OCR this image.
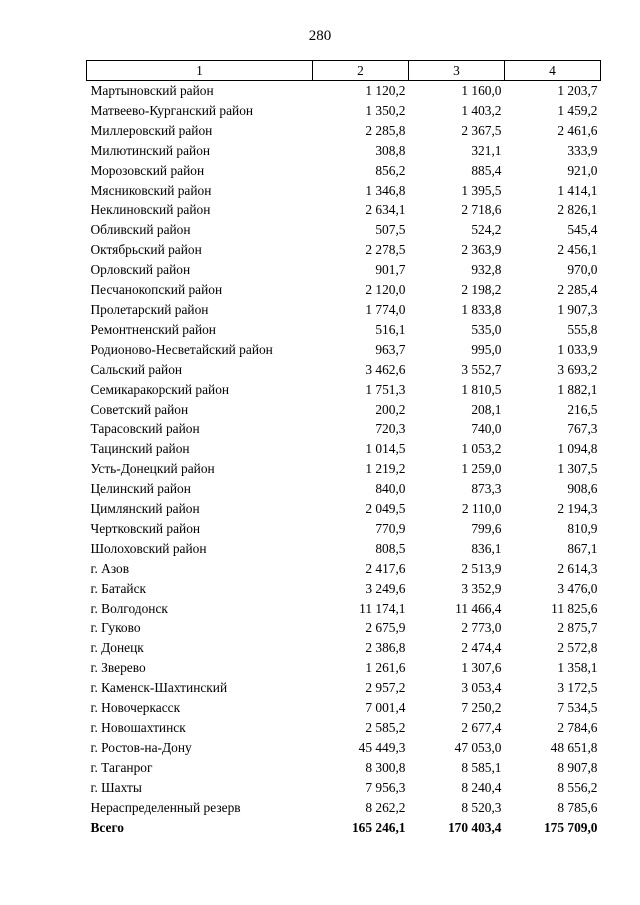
280
1	2	3	4
Мартыновский район	1 120,2	1 160,0	1 203,7
Матвеево-Курганский район	1 350,2	1 403,2	1 459,2
Миллеровский район	2 285,8	2 367,5	2 461,6
Милютинский район	308,8	321,1	333,9
Морозовский район	856,2	885,4	921,0
Мясниковский район	1 346,8	1 395,5	1 414,1
Неклиновский район	2 634,1	2 718,6	2 826,1
Обливский район	507,5	524,2	545,4
Октябрьский район	2 278,5	2 363,9	2 456,1
Орловский район	901,7	932,8	970,0
Песчанокопский район	2 120,0	2 198,2	2 285,4
Пролетарский район	1 774,0	1 833,8	1 907,3
Ремонтненский район	516,1	535,0	555,8
Родионово-Несветайский район	963,7	995,0	1 033,9
Сальский район	3 462,6	3 552,7	3 693,2
Семикаракорский район	1 751,3	1 810,5	1 882,1
Советский район	200,2	208,1	216,5
Тарасовский район	720,3	740,0	767,3
Тацинский район	1 014,5	1 053,2	1 094,8
Усть-Донецкий район	1 219,2	1 259,0	1 307,5
Целинский район	840,0	873,3	908,6
Цимлянский район	2 049,5	2 110,0	2 194,3
Чертковский район	770,9	799,6	810,9
Шолоховский район	808,5	836,1	867,1
г. Азов	2 417,6	2 513,9	2 614,3
г. Батайск	3 249,6	3 352,9	3 476,0
г. Волгодонск	11 174,1	11 466,4	11 825,6
г. Гуково	2 675,9	2 773,0	2 875,7
г. Донецк	2 386,8	2 474,4	2 572,8
г. Зверево	1 261,6	1 307,6	1 358,1
г. Каменск-Шахтинский	2 957,2	3 053,4	3 172,5
г. Новочеркасск	7 001,4	7 250,2	7 534,5
г. Новошахтинск	2 585,2	2 677,4	2 784,6
г. Ростов-на-Дону	45 449,3	47 053,0	48 651,8
г. Таганрог	8 300,8	8 585,1	8 907,8
г. Шахты	7 956,3	8 240,4	8 556,2
Нераспределенный резерв	8 262,2	8 520,3	8 785,6
Всего	165 246,1	170 403,4	175 709,0
